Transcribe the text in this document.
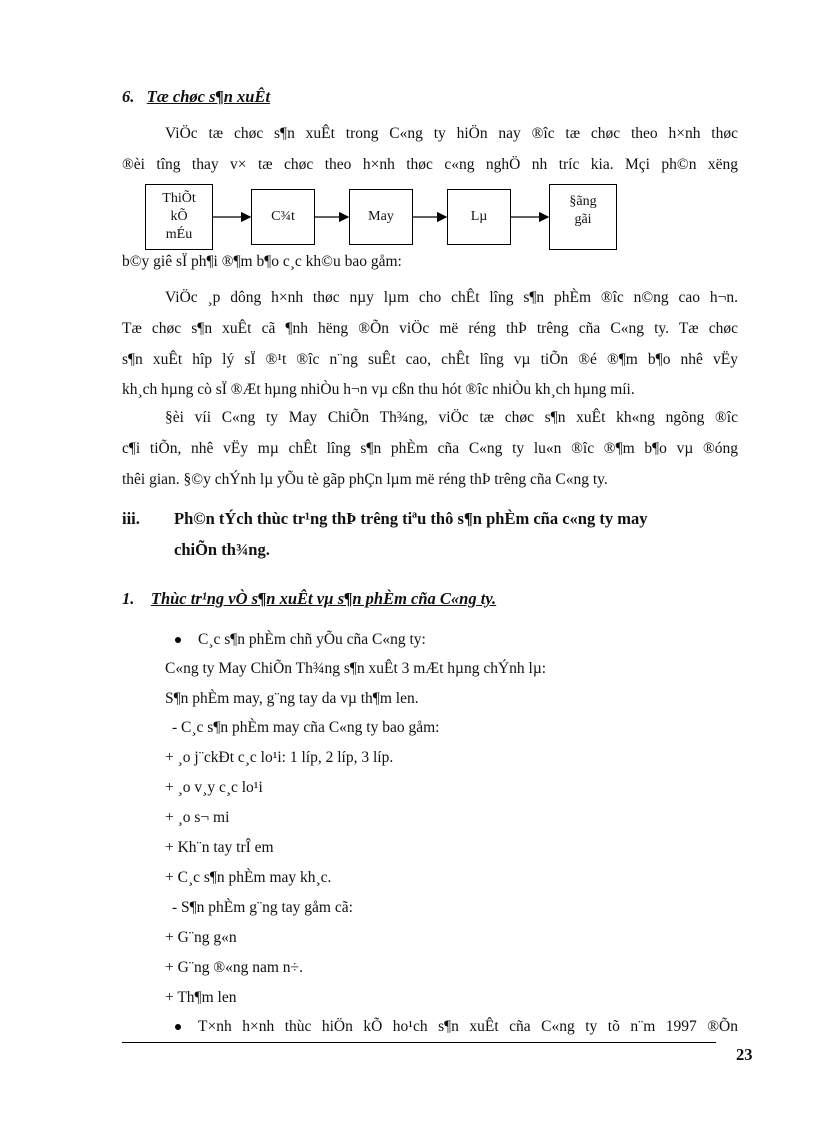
6. Tæ chøc s¶n xuÊt
ViÖc tæ chøc s¶n xuÊt trong C«ng ty hiÖn nay ®îc tæ chøc theo h×nh thøc
®èi tîng thay v× tæ chøc theo h×nh thøc c«ng nghÖ nh tríc kia. Mçi ph©n xëng
ThiÕt kÕ mÉu
C¾t	May	Lµ
§ãng gãi
b©y giê sÏ ph¶i ®¶m b¶o c¸c kh©u bao gåm:
ViÖc ¸p dông h×nh thøc nµy lµm cho chÊt lîng s¶n phÈm ®îc n©ng cao h¬n.
Tæ chøc s¶n xuÊt cã ¶nh hëng ®Õn viÖc më réng thÞ trêng cña C«ng ty. Tæ chøc
s¶n xuÊt hîp lý sÏ ®¹t ®îc n¨ng suÊt cao, chÊt lîng vµ tiÕn ®é ®¶m b¶o nhê vËy
kh¸ch hµng cò sÏ ®Æt hµng nhiÒu h¬n vµ cßn thu hót ®îc nhiÒu kh¸ch hµng míi.
§èi víi C«ng ty May ChiÕn Th¾ng, viÖc tæ chøc s¶n xuÊt kh«ng ngõng ®îc
c¶i tiÕn, nhê vËy mµ chÊt lîng s¶n phÈm cña C«ng ty lu«n ®îc ®¶m b¶o vµ ®óng
thêi gian. §©y chÝnh lµ yÕu tè gãp phÇn lµm më réng thÞ trêng cña C«ng ty.
iii. Ph©n tÝch thùc tr¹ng thÞ trêng tiªu thô s¶n phÈm cña c«ng ty may
chiÕn th¾ng.
1. Thùc tr¹ng vÒ s¶n xuÊt vµ s¶n phÈm cña C«ng ty.
C¸c s¶n phÈm chñ yÕu cña C«ng ty:
C«ng ty May ChiÕn Th¾ng s¶n xuÊt 3 mÆt hµng chÝnh lµ:
S¶n phÈm may, g¨ng tay da vµ th¶m len.
- C¸c s¶n phÈm may cña C«ng ty bao gåm:
+ ¸o j¨ckÐt c¸c lo¹i: 1 líp, 2 líp, 3 líp.
+ ¸o v¸y c¸c lo¹i
+ ¸o s¬ mi
+ Kh¨n tay trÎ em
+ C¸c s¶n phÈm may kh¸c.
- S¶n phÈm g¨ng tay gåm cã:
+ G¨ng g«n
+ G¨ng ®«ng nam n÷.
+ Th¶m len
T×nh h×nh thùc hiÖn kÕ ho¹ch s¶n xuÊt cña C«ng ty tõ n¨m 1997 ®Õn
23
